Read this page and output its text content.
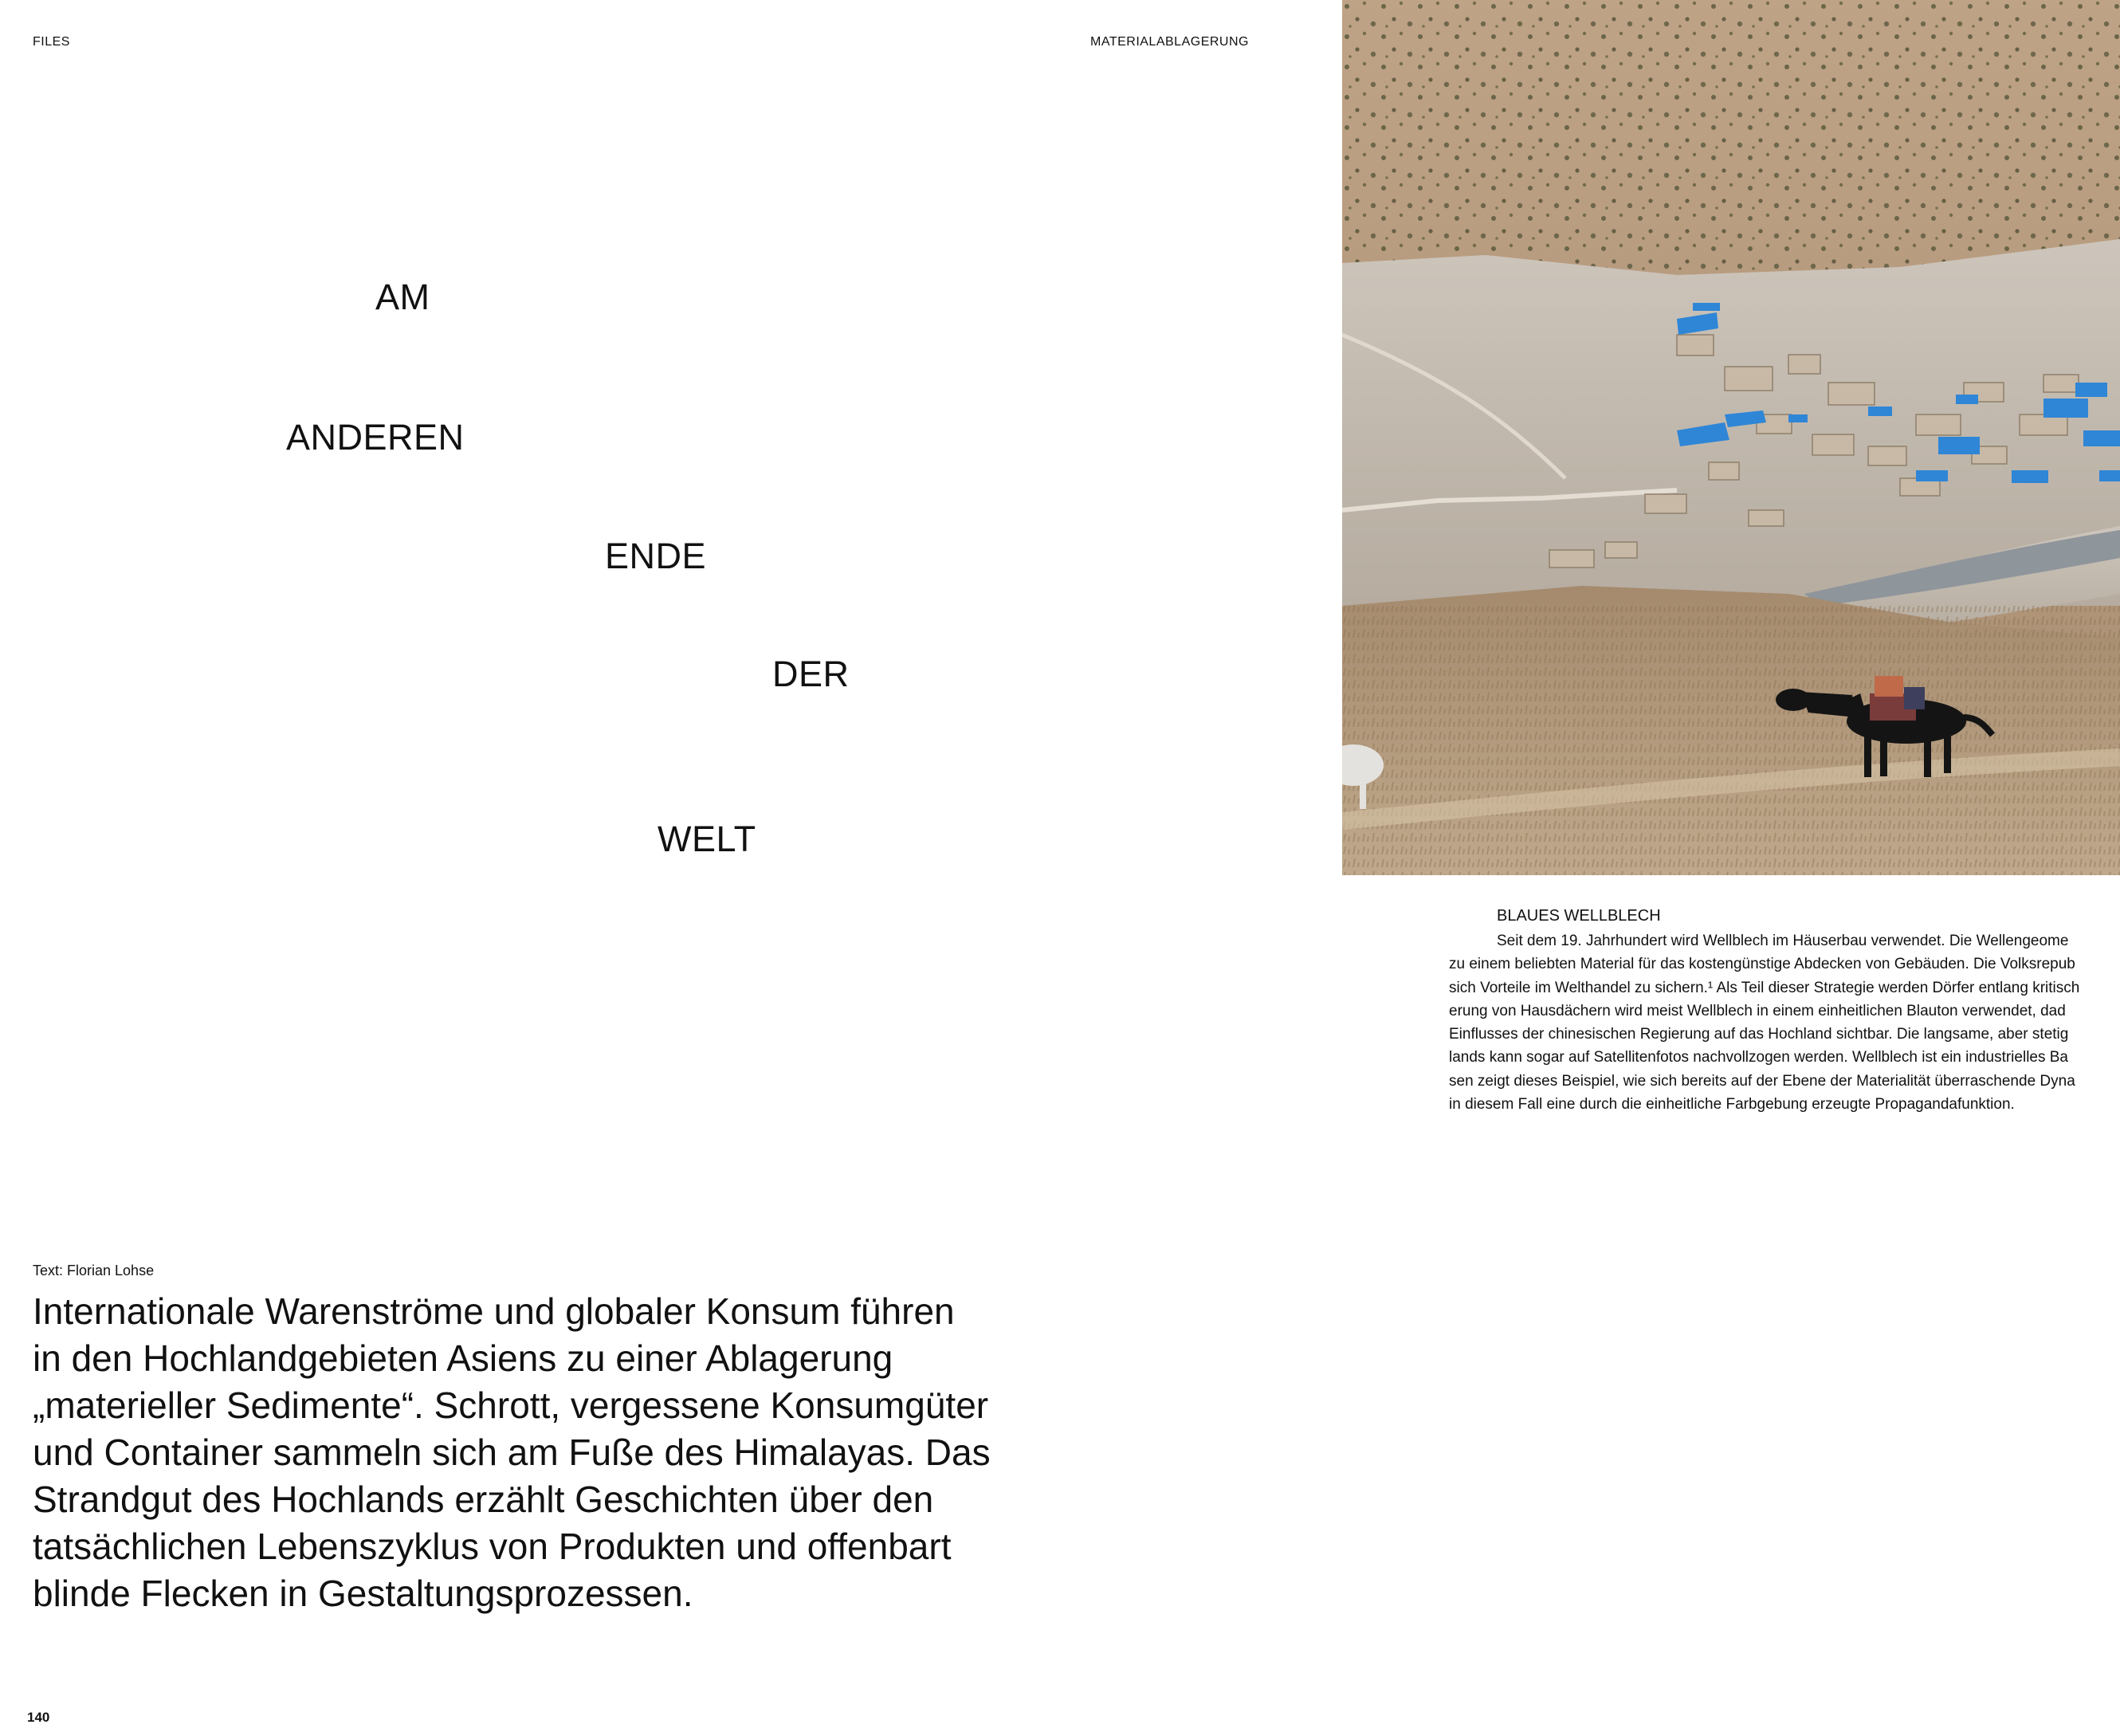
FILES	MATERIALABLAGERUNG
AM
ANDEREN
ENDE
DER
WELT
Text: Florian Lohse
Internationale Warenströme und globaler Konsum führen
in den Hochlandgebieten Asiens zu einer Ablagerung
„materieller Sedimente“. Schrott, vergessene Konsumgüter
und Container sammeln sich am Fuße des Himalayas. Das
Strandgut des Hochlands erzählt Geschichten über den
tatsächlichen Lebenszyklus von Produkten und offenbart
blinde Flecken in Gestaltungsprozessen.
140
BLAUES WELLBLECH
Seit dem 19. Jahrhundert wird Wellblech im Häuserbau verwendet. Die Wellengeome
zu einem beliebten Material für das kostengünstige Abdecken von Gebäuden. Die Volksrepub
sich Vorteile im Welthandel zu sichern.¹ Als Teil dieser Strategie werden Dörfer entlang kritisch
erung von Hausdächern wird meist Wellblech in einem einheitlichen Blauton verwendet, dad
Einflusses der chinesischen Regierung auf das Hochland sichtbar. Die langsame, aber stetig
lands kann sogar auf Satellitenfotos nachvollzogen werden. Wellblech ist ein industrielles Ba
sen zeigt dieses Beispiel, wie sich bereits auf der Ebene der Materialität überraschende Dyna
in diesem Fall eine durch die einheitliche Farbgebung erzeugte Propagandafunktion.
